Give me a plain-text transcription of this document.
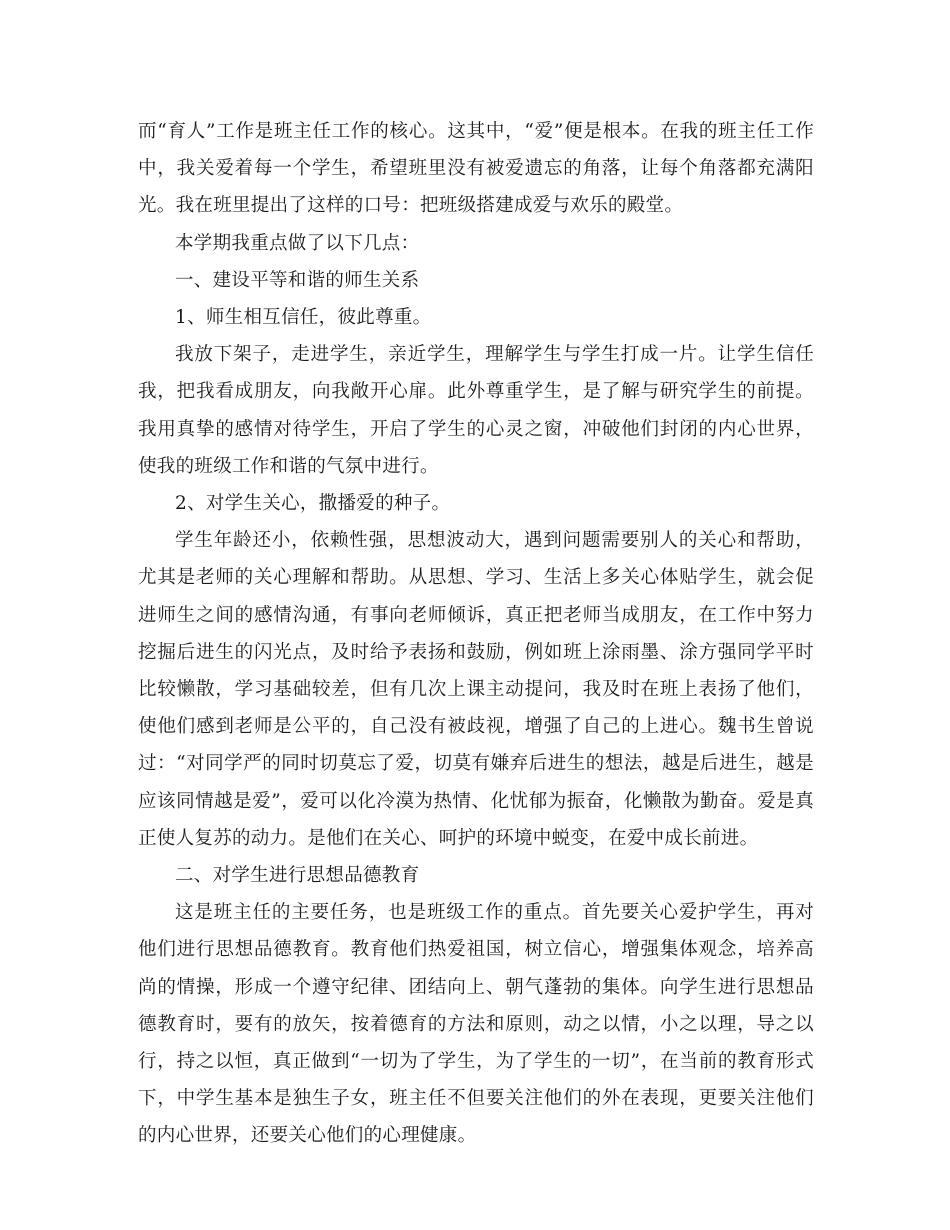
而“育人”工作是班主任工作的核心。这其中，“爱”便是根本。在我的班主任工作中，我关爱着每一个学生，希望班里没有被爱遗忘的角落，让每个角落都充满阳光。我在班里提出了这样的口号：把班级搭建成爱与欢乐的殿堂。

本学期我重点做了以下几点：

一、建设平等和谐的师生关系

1、师生相互信任，彼此尊重。

我放下架子，走进学生，亲近学生，理解学生与学生打成一片。让学生信任我，把我看成朋友，向我敞开心扉。此外尊重学生，是了解与研究学生的前提。我用真挚的感情对待学生，开启了学生的心灵之窗，冲破他们封闭的内心世界，使我的班级工作和谐的气氛中进行。

2、对学生关心，撒播爱的种子。

学生年龄还小，依赖性强，思想波动大，遇到问题需要别人的关心和帮助，尤其是老师的关心理解和帮助。从思想、学习、生活上多关心体贴学生，就会促进师生之间的感情沟通，有事向老师倾诉，真正把老师当成朋友，在工作中努力挖掘后进生的闪光点，及时给予表扬和鼓励，例如班上涂雨墨、涂方强同学平时比较懒散，学习基础较差，但有几次上课主动提问，我及时在班上表扬了他们，使他们感到老师是公平的，自己没有被歧视，增强了自己的上进心。魏书生曾说过：“对同学严的同时切莫忘了爱，切莫有嫌弃后进生的想法，越是后进生，越是应该同情越是爱”，爱可以化冷漠为热情、化忧郁为振奋，化懒散为勤奋。爱是真正使人复苏的动力。是他们在关心、呵护的环境中蜕变，在爱中成长前进。

二、对学生进行思想品德教育

这是班主任的主要任务，也是班级工作的重点。首先要关心爱护学生，再对他们进行思想品德教育。教育他们热爱祖国，树立信心，增强集体观念，培养高尚的情操，形成一个遵守纪律、团结向上、朝气蓬勃的集体。向学生进行思想品德教育时，要有的放矢，按着德育的方法和原则，动之以情，小之以理，导之以行，持之以恒，真正做到“一切为了学生，为了学生的一切”，在当前的教育形式下，中学生基本是独生子女，班主任不但要关注他们的外在表现，更要关注他们的内心世界，还要关心他们的心理健康。
